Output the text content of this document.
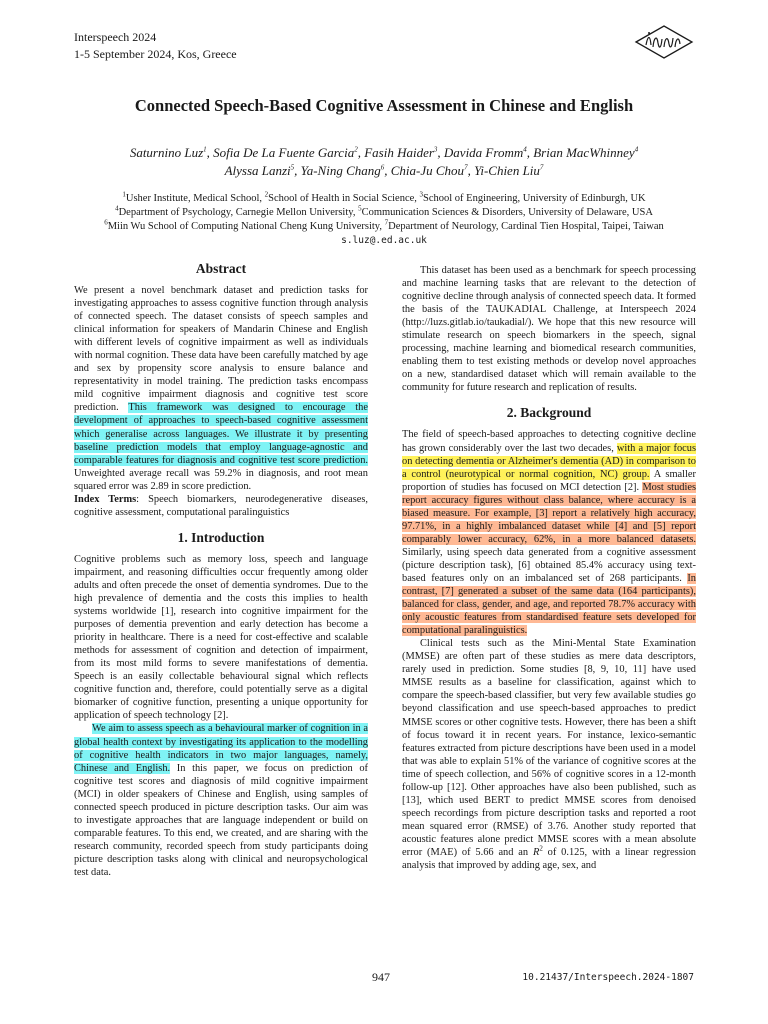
Interspeech 2024
1-5 September 2024, Kos, Greece
Connected Speech-Based Cognitive Assessment in Chinese and English
Saturnino Luz$^1$, Sofia De La Fuente Garcia$^2$, Fasih Haider$^3$, Davida Fromm$^4$, Brian MacWhinney$^4$
Alyssa Lanzi$^5$, Ya-Ning Chang$^6$, Chia-Ju Chou$^7$, Yi-Chien Liu$^7$
$^1$Usher Institute, Medical School, $^2$School of Health in Social Science, $^3$School of Engineering, University of Edinburgh, UK
$^4$Department of Psychology, Carnegie Mellon University, $^5$Communication Sciences & Disorders, University of Delaware, USA
$^6$Miin Wu School of Computing National Cheng Kung University, $^7$Department of Neurology, Cardinal Tien Hospital, Taipei, Taiwan
s.luz@.ed.ac.uk

Abstract

We present a novel benchmark dataset and prediction tasks for investigating approaches to assess cognitive function through analysis of connected speech. The dataset consists of speech samples and clinical information for speakers of Mandarin Chinese and English with different levels of cognitive impairment as well as individuals with normal cognition. These data have been carefully matched by age and sex by propensity score analysis to ensure balance and representativity in model training. The prediction tasks encompass mild cognitive impairment diagnosis and cognitive test score prediction. This framework was designed to encourage the development of approaches to speech-based cognitive assessment which generalise across languages. We illustrate it by presenting baseline prediction models that employ language-agnostic and comparable features for diagnosis and cognitive test score prediction. Unweighted average recall was 59.2% in diagnosis, and root mean squared error was 2.89 in score prediction.

Index Terms: Speech biomarkers, neurodegenerative diseases, cognitive assessment, computational paralinguistics

1. Introduction

Cognitive problems such as memory loss, speech and language impairment, and reasoning difficulties occur frequently among older adults and often precede the onset of dementia syndromes. Due to the high prevalence of dementia and the costs this implies to health systems worldwide [1], research into cognitive impairment for the purposes of dementia prevention and early detection has become a priority in healthcare. There is a need for cost-effective and scalable methods for assessment of cognition and detection of impairment, from its most mild forms to severe manifestations of dementia. Speech is an easily collectable behavioural signal which reflects cognitive function and, therefore, could potentially serve as a digital biomarker of cognitive function, presenting a unique opportunity for application of speech technology [2].

We aim to assess speech as a behavioural marker of cognition in a global health context by investigating its application to the modelling of cognitive health indicators in two major languages, namely, Chinese and English. In this paper, we focus on prediction of cognitive test scores and diagnosis of mild cognitive impairment (MCI) in older speakers of Chinese and English, using samples of connected speech produced in picture description tasks. Our aim was to investigate approaches that are language independent or build on comparable features. To this end, we created, and are sharing with the research community, recorded speech from study participants doing picture description tasks along with clinical and neuropsychological test data.

This dataset has been used as a benchmark for speech processing and machine learning tasks that are relevant to the detection of cognitive decline through analysis of connected speech data. It formed the basis of the TAUKADIAL Challenge, at Interspeech 2024 (http://luzs.gitlab.io/taukadial/). We hope that this new resource will stimulate research on speech biomarkers in the speech, signal processing, machine learning and biomedical research communities, enabling them to test existing methods or develop novel approaches on a new, standardised dataset which will remain available to the community for future research and replication of results.

2. Background

The field of speech-based approaches to detecting cognitive decline has grown considerably over the last two decades, with a major focus on detecting dementia or Alzheimer's dementia (AD) in comparison to a control (neurotypical or normal cognition, NC) group. A smaller proportion of studies has focused on MCI detection [2]. Most studies report accuracy figures without class balance, where accuracy is a biased measure. For example, [3] report a relatively high accuracy, 97.71%, in a highly imbalanced dataset while [4] and [5] report comparably lower accuracy, 62%, in a more balanced datasets. Similarly, using speech data generated from a cognitive assessment (picture description task), [6] obtained 85.4% accuracy using text-based features only on an imbalanced set of 268 participants. In contrast, [7] generated a subset of the same data (164 participants), balanced for class, gender, and age, and reported 78.7% accuracy with only acoustic features from standardised feature sets developed for computational paralinguistics.

Clinical tests such as the Mini-Mental State Examination (MMSE) are often part of these studies as mere data descriptors, rarely used in prediction. Some studies [8, 9, 10, 11] have used MMSE results as a baseline for classification, against which to compare the speech-based classifier, but very few available studies go beyond classification and use speech-based approaches to predict MMSE scores or other cognitive tests. However, there has been a shift of focus toward it in recent years. For instance, lexico-semantic features extracted from picture descriptions have been used in a model that was able to explain 51% of the variance of cognitive scores at the time of speech collection, and 56% of cognitive scores in a 12-month follow-up [12]. Other approaches have also been published, such as [13], which used BERT to predict MMSE scores from denoised speech recordings from picture description tasks and reported a root mean squared error (RMSE) of 3.76. Another study reported that acoustic features alone predict MMSE scores with a mean absolute error (MAE) of 5.66 and an $R^2$ of 0.125, with a linear regression analysis that improved by adding age, sex, and

947	10.21437/Interspeech.2024-1807
